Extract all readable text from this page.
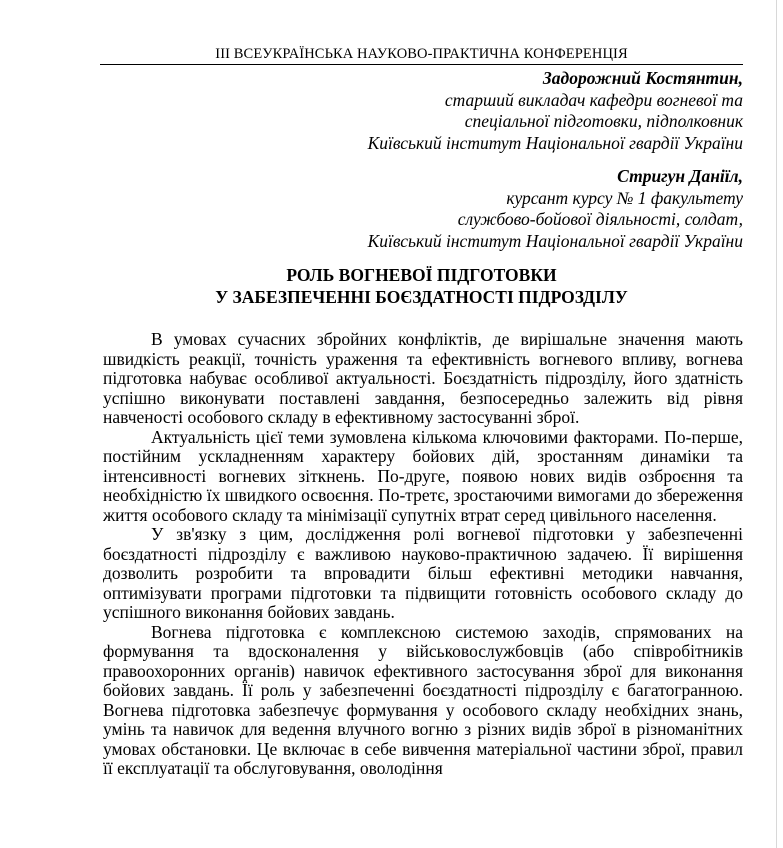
ІІІ ВСЕУКРАЇНСЬКА НАУКОВО-ПРАКТИЧНА КОНФЕРЕНЦІЯ
Задорожний Костянтин,
старший викладач кафедри вогневої та
спеціальної підготовки, підполковник
Київський інститут Національної гвардії України
Стригун Даніїл,
курсант курсу № 1 факультету
службово-бойової діяльності, солдат,
Київський інститут Національної гвардії України
РОЛЬ ВОГНЕВОЇ ПІДГОТОВКИ
У ЗАБЕЗПЕЧЕННІ БОЄЗДАТНОСТІ ПІДРОЗДІЛУ

В умовах сучасних збройних конфліктів, де вирішальне значення мають швидкість реакції, точність ураження та ефективність вогневого впливу, вогнева підготовка набуває особливої актуальності. Боєздатність підрозділу, його здатність успішно виконувати поставлені завдання, безпосередньо залежить від рівня навченості особового складу в ефективному застосуванні зброї.

Актуальність цієї теми зумовлена кількома ключовими факторами. По-перше, постійним ускладненням характеру бойових дій, зростанням динаміки та інтенсивності вогневих зіткнень. По-друге, появою нових видів озброєння та необхідністю їх швидкого освоєння. По-третє, зростаючими вимогами до збереження життя особового складу та мінімізації супутніх втрат серед цивільного населення.

У зв'язку з цим, дослідження ролі вогневої підготовки у забезпеченні боєздатності підрозділу є важливою науково-практичною задачею. Її вирішення дозволить розробити та впровадити більш ефективні методики навчання, оптимізувати програми підготовки та підвищити готовність особового складу до успішного виконання бойових завдань.

Вогнева підготовка є комплексною системою заходів, спрямованих на формування та вдосконалення у військовослужбовців (або співробітників правоохоронних органів) навичок ефективного застосування зброї для виконання бойових завдань. Її роль у забезпеченні боєздатності підрозділу є багатогранною. Вогнева підготовка забезпечує формування у особового складу необхідних знань, умінь та навичок для ведення влучного вогню з різних видів зброї в різноманітних умовах обстановки. Це включає в себе вивчення матеріальної частини зброї, правил її експлуатації та обслуговування, оволодіння
